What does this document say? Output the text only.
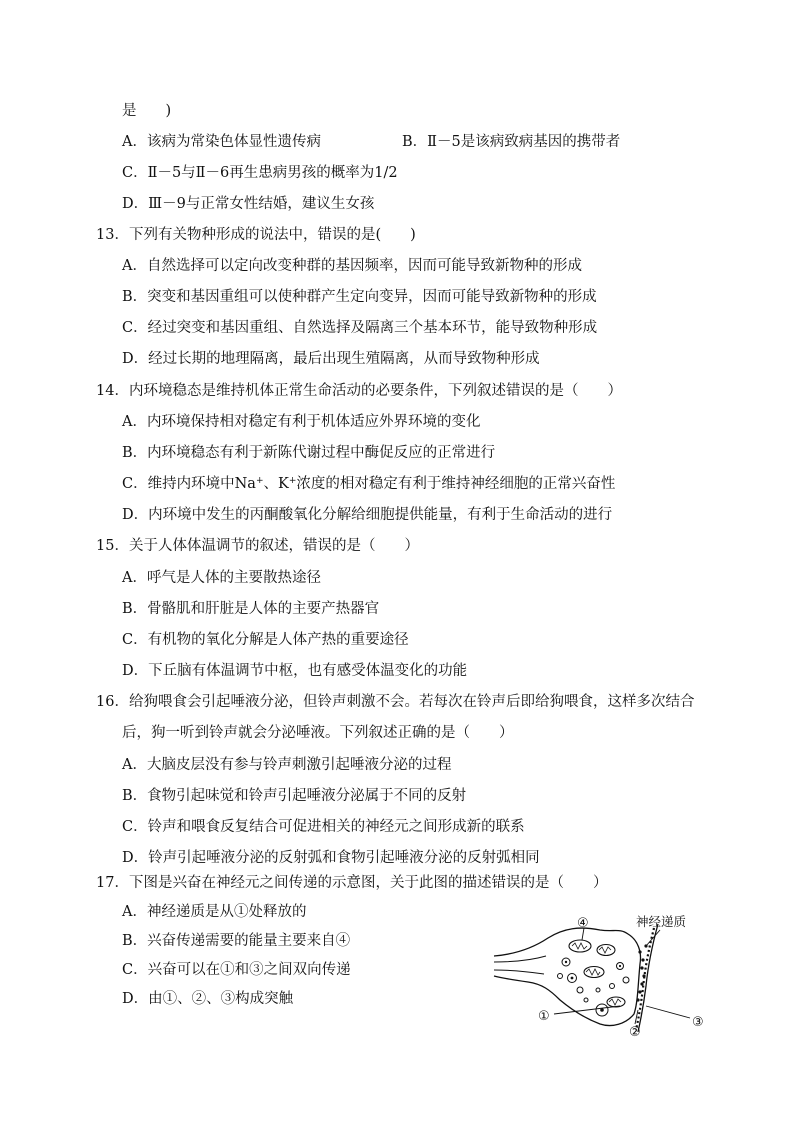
是　　)
A．该病为常染色体显性遗传病	B．Ⅱ－5是该病致病基因的携带者
C．Ⅱ－5与Ⅱ－6再生患病男孩的概率为1/2
D．Ⅲ－9与正常女性结婚，建议生女孩
13．下列有关物种形成的说法中，错误的是(　　)
A．自然选择可以定向改变种群的基因频率，因而可能导致新物种的形成
B．突变和基因重组可以使种群产生定向变异，因而可能导致新物种的形成
C．经过突变和基因重组、自然选择及隔离三个基本环节，能导致物种形成
D．经过长期的地理隔离，最后出现生殖隔离，从而导致物种形成
14．内环境稳态是维持机体正常生命活动的必要条件，下列叙述错误的是（　　）
A．内环境保持相对稳定有利于机体适应外界环境的变化
B．内环境稳态有利于新陈代谢过程中酶促反应的正常进行
C．维持内环境中Na+、K+浓度的相对稳定有利于维持神经细胞的正常兴奋性
D．内环境中发生的丙酮酸氧化分解给细胞提供能量，有利于生命活动的进行
15．关于人体体温调节的叙述，错误的是（　　）
A．呼气是人体的主要散热途径
B．骨骼肌和肝脏是人体的主要产热器官
C．有机物的氧化分解是人体产热的重要途径
D．下丘脑有体温调节中枢，也有感受体温变化的功能
16．给狗喂食会引起唾液分泌，但铃声刺激不会。若每次在铃声后即给狗喂食，这样多次结合
后，狗一听到铃声就会分泌唾液。下列叙述正确的是（　　）
A．大脑皮层没有参与铃声刺激引起唾液分泌的过程
B．食物引起味觉和铃声引起唾液分泌属于不同的反射
C．铃声和喂食反复结合可促进相关的神经元之间形成新的联系
D．铃声引起唾液分泌的反射弧和食物引起唾液分泌的反射弧相同
17．下图是兴奋在神经元之间传递的示意图，关于此图的描述错误的是（　　）
A．神经递质是从①处释放的
B．兴奋传递需要的能量主要来自④
C．兴奋可以在①和③之间双向传递
D．由①、②、③构成突触
④	神经递质
①
②
③
